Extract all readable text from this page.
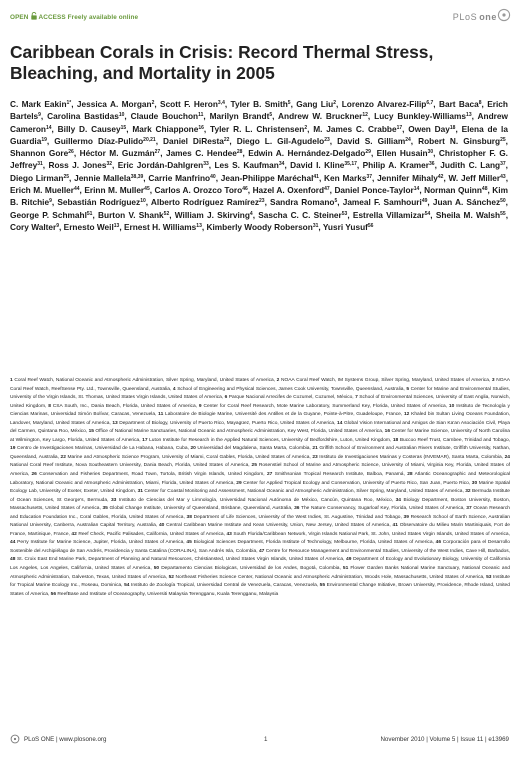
OPEN ACCESS Freely available online	PLoS one
Caribbean Corals in Crisis: Record Thermal Stress, Bleaching, and Mortality in 2005
C. Mark Eakin$^{1*}$, Jessica A. Morgan$^2$, Scott F. Heron$^{3,4}$, Tyler B. Smith$^5$, Gang Liu$^2$, Lorenzo Alvarez-Filip$^{6,7}$, Bart Baca$^8$, Erich Bartels$^9$, Carolina Bastidas$^{10}$, Claude Bouchon$^{11}$, Marilyn Brandt$^5$, Andrew W. Bruckner$^{12}$, Lucy Bunkley-Williams$^{13}$, Andrew Cameron$^{14}$, Billy D. Causey$^{15}$, Mark Chiappone$^{16}$, Tyler R. L. Christensen$^2$, M. James C. Crabbe$^{17}$, Owen Day$^{18}$, Elena de la Guardia$^{19}$, Guillermo Díaz-Pulido$^{20,21}$, Daniel DiResta$^{22}$, Diego L. Gil-Agudelo$^{23}$, David S. Gilliam$^{24}$, Robert N. Ginsburg$^{25}$, Shannon Gore$^{26}$, Héctor M. Guzmán$^{27}$, James C. Hendee$^{28}$, Edwin A. Hernández-Delgado$^{29}$, Ellen Husain$^{30}$, Christopher F. G. Jeffrey$^{31}$, Ross J. Jones$^{32}$, Eric Jordán-Dahlgren$^{33}$, Les S. Kaufman$^{34}$, David I. Kline$^{35,17}$, Philip A. Kramer$^{36}$, Judith C. Lang$^{37}$, Diego Lirman$^{25}$, Jennie Mallela$^{38,39}$, Carrie Manfrino$^{40}$, Jean-Philippe Maréchal$^{41}$, Ken Marks$^{37}$, Jennifer Mihaly$^{42}$, W. Jeff Miller$^{43}$, Erich M. Mueller$^{44}$, Erinn M. Muller$^{45}$, Carlos A. Orozco Toro$^{46}$, Hazel A. Oxenford$^{47}$, Daniel Ponce-Taylor$^{14}$, Norman Quinn$^{48}$, Kim B. Ritchie$^9$, Sebastián Rodríguez$^{10}$, Alberto Rodríguez Ramírez$^{23}$, Sandra Romano$^5$, Jameal F. Samhouri$^{49}$, Juan A. Sánchez$^{50}$, George P. Schmahl$^{51}$, Burton V. Shank$^{52}$, William J. Skirving$^4$, Sascha C. C. Steiner$^{53}$, Estrella Villamizar$^{54}$, Sheila M. Walsh$^{55}$, Cory Walter$^9$, Ernesto Weil$^{13}$, Ernest H. Williams$^{13}$, Kimberly Woody Roberson$^{31}$, Yusri Yusuf$^{56}$
1 Coral Reef Watch, National Oceanic and Atmospheric Administration, Silver Spring, Maryland, United States of America, 2 NOAA Coral Reef Watch, IM Systems Group, Silver Spring, Maryland, United States of America, 3 NOAA Coral Reef Watch, ReefSense Pty. Ltd., Townsville, Queensland, Australia, 4 School of Engineering and Physical Sciences, James Cook University, Townsville, Queensland, Australia, 5 Center for Marine and Environmental Studies, University of the Virgin Islands, St. Thomas, United States Virgin Islands, United States of America, 6 Parque Nacional Arrecifes de Cozumel, Cozumel, México, 7 School of Environmental Sciences, University of East Anglia, Norwich, United Kingdom, 8 CSA South, Inc., Dania Beach, Florida, United States of America, 9 Center for Coral Reef Research, Mote Marine Laboratory, Summerland Key, Florida, United States of America, 10 Instituto de Tecnología y Ciencias Marinas, Universidad Simón Bolívar, Caracas, Venezuela, 11 Laboratoire de Biologie Marine, Université des Antilles et de la Guyane, Pointe-à-Pitre, Guadeloupe, France, 12 Khaled bin Sultan Living Oceans Foundation, Landover, Maryland, United States of America, 13 Department of Biology, University of Puerto Rico, Mayagüez, Puerto Rico, United States of America, 14 Global Vision International and Amigos de Sian Ka'an Asociación Civil, Playa del Carmen, Quintana Roo, México, 15 Office of National Marine Sanctuaries, National Oceanic and Atmospheric Administration, Key West, Florida, United States of America, 16 Center for Marine Science, University of North Carolina at Wilmington, Key Largo, Florida, United States of America, 17 Luton Institute for Research in the Applied Natural Sciences, University of Bedfordshire, Luton, United Kingdom, 18 Buccoo Reef Trust, Carnbee, Trinidad and Tobago, 19 Centro de Investigaciones Marinas, Universidad de La Habana, Habana, Cuba, 20 Universidad del Magdalena, Santa Marta, Colombia, 21 Griffith School of Environment and Australian Rivers Institute, Griffith University, Nathan, Queensland, Australia, 22 Marine and Atmospheric Science Program, University of Miami, Coral Gables, Florida, United States of America, 23 Instituto de Investigaciones Marinas y Costeras (INVEMAR), Santa Marta, Colombia, 24 National Coral Reef Institute, Nova Southeastern University, Dania Beach, Florida, United States of America, 25 Rosenstiel School of Marine and Atmospheric Science, University of Miami, Virginia Key, Florida, United States of America, 26 Conservation and Fisheries Department, Road Town, Tortola, British Virgin Islands, United Kingdom, 27 Smithsonian Tropical Research Institute, Balboa, Panamá, 28 Atlantic Oceanographic and Meteorological Laboratory, National Oceanic and Atmospheric Administration, Miami, Florida, United States of America, 29 Center for Applied Tropical Ecology and Conservation, University of Puerto Rico, San Juan, Puerto Rico, 30 Marine Spatial Ecology Lab, University of Exeter, Exeter, United Kingdom, 31 Center for Coastal Monitoring and Assessment, National Oceanic and Atmospheric Administration, Silver Spring, Maryland, United States of America, 32 Bermuda Institute of Ocean Sciences, St George's, Bermuda, 33 Instituto de Ciencias del Mar y Limnología, Universidad Nacional Autónoma de México, Cancún, Quintana Roo, México, 34 Biology Department, Boston University, Boston, Massachusetts, United States of America, 35 Global Change Institute, University of Queensland, Brisbane, Queensland, Australia, 36 The Nature Conservancy, Sugarloaf Key, Florida, United States of America, 37 Ocean Research and Education Foundation Inc., Coral Gables, Florida, United States of America, 38 Department of Life Sciences, University of the West Indies, St. Augustine, Trinidad and Tobago, 39 Research School of Earth Science, Australian National University, Canberra, Australian Capital Territory, Australia, 40 Central Caribbean Marine Institute and Kean University, Union, New Jersey, United States of America, 41 Observatoire du Milieu Marin Martiniquais, Fort de France, Martinique, France, 42 Reef Check, Pacific Palisades, California, United States of America, 43 South Florida/Caribbean Network, Virgin Islands National Park, St. John, United States Virgin Islands, United States of America, 44 Perry Institute for Marine Science, Jupiter, Florida, United States of America, 45 Biological Sciences Department, Florida Institute of Technology, Melbourne, Florida, United States of America, 46 Corporación para el Desarrollo Sostenible del Archipiélago de San Andrés, Providencia y Santa Catalina (CORALINA), San Andrés Isla, Colombia, 47 Centre for Resource Management and Environmental Studies, University of the West Indies, Cave Hill, Barbados, 48 St. Croix East End Marine Park, Department of Planning and Natural Resources, Christiansted, United States Virgin Islands, United States of America, 49 Department of Ecology and Evolutionary Biology, University of California Los Angeles, Los Angeles, California, United States of America, 50 Departamento Ciencias Biologicas, Universidad de los Andes, Bogotá, Colombia, 51 Flower Garden Banks National Marine Sanctuary, National Oceanic and Atmospheric Administration, Galveston, Texas, United States of America, 52 Northeast Fisheries Science Center, National Oceanic and Atmospheric Administration, Woods Hole, Massachusetts, United States of America, 53 Institute for Tropical Marine Ecology Inc., Roseau, Dominica, 54 Instituto de Zoología Tropical, Universidad Central de Venezuela, Caracas, Venezuela, 55 Environmental Change Initiative, Brown University, Providence, Rhode Island, United States of America, 56 ReefBase and Institute of Oceanography, Universiti Malaysia Terengganu, Kuala Terengganu, Malaysia
PLoS ONE | www.plosone.org	1	November 2010 | Volume 5 | Issue 11 | e13969
